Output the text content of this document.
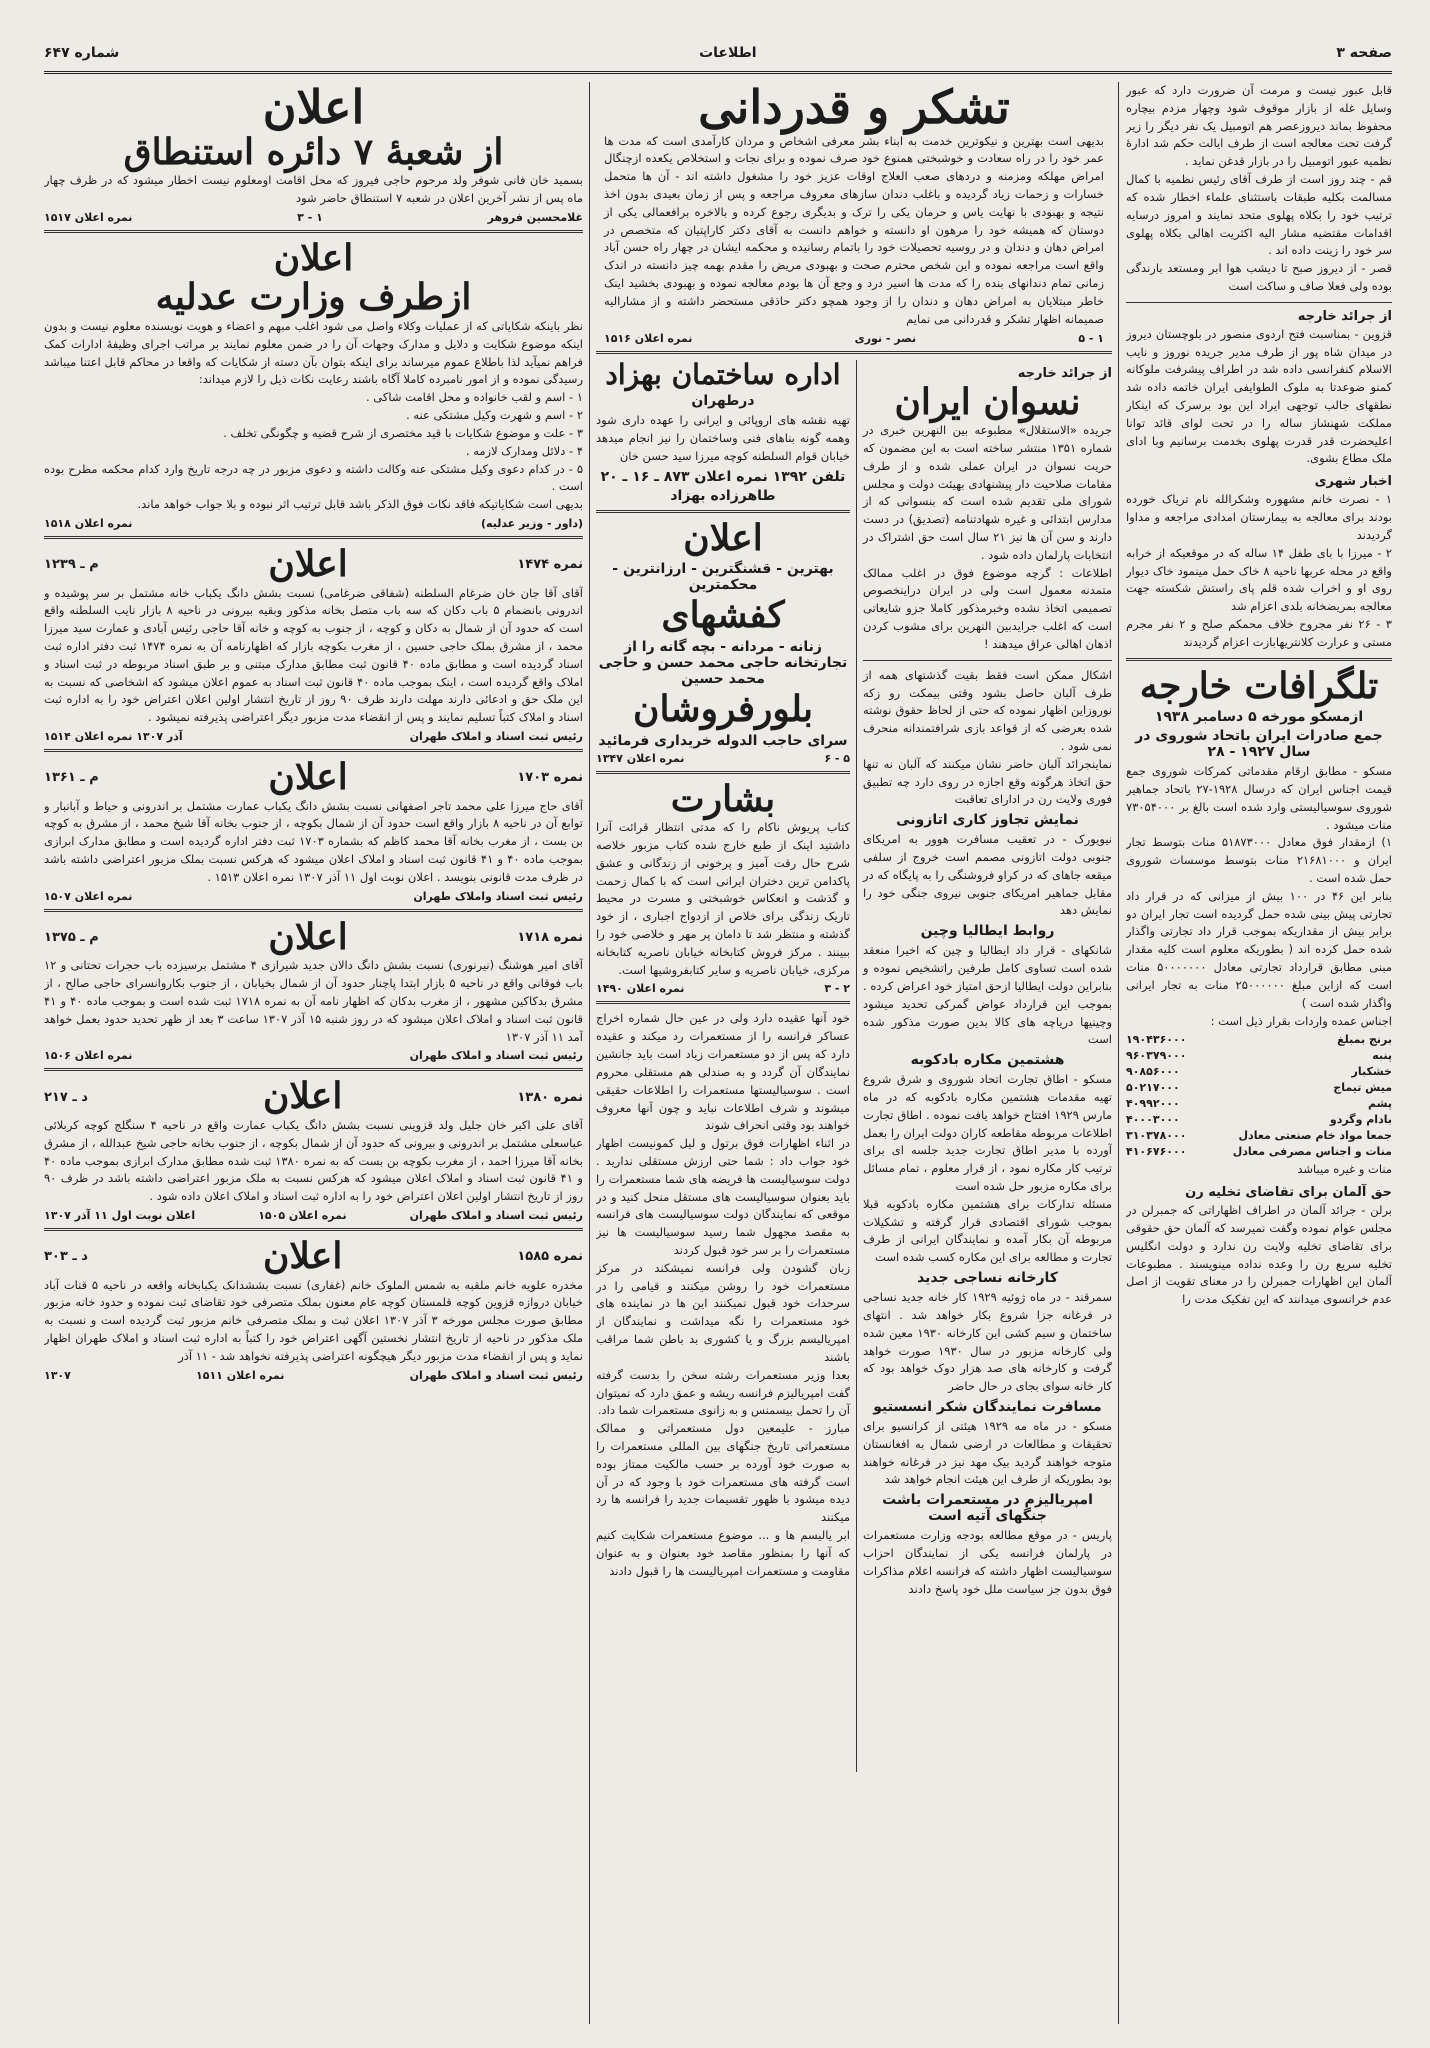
صفحه ۳
اطلاعات
شماره ۶۴۷
قابل عبور نیست و مرمت آن ضرورت دارد که عبور وسایل غله از بازار موقوف شود وچهار مزدم بیچاره محفوظ بماند دیروزعصر هم اتومبیل یک نفر دیگر را زیر گرفت تحت معالجه است از طرف ایالت حکم شد ادارهٔ نظمیه عبور اتومبیل را در بازار قدغن نماید .
قم - چند روز است از طرف آقای رئیس نظمیه با کمال مسالمت بکلیه طبقات باستثنای علماء اخطار شده که ترتیب خود را بکلاه پهلوی متحد نمایند و امروز درسایه اقدامات مقتضیه مشار الیه اکثریت اهالی بکلاه پهلوی سر خود را زینت داده اند .
قصر - از دیروز صبح تا دیشب هوا ابر ومستعد بارندگی بوده ولی فعلا صاف و ساکت است
از جرائد خارجه
قزوین - بمناسبت فتح اردوی منصور در بلوچستان دیروز در میدان شاه پور از طرف مدیر جریده نوروز و نایب الاسلام کنفرانسی داده شد در اطراف پیشرفت ملوکانه کمنو ضوعدتا به ملوک الطوایفی ایران خاتمه داده شد نطقهای جالب توجهی ایراد این بود برسرک که اینکار مملکت شهنشاز ساله را در تحت لوای قائد توانا اعلیحضرت قدر قدرت پهلوی بخدمت برسانیم وبا ادای ملک مطاع بشوی.
اخبار شهری
۱ - نصرت خانم مشهوره وشکرالله نام تریاک خورده بودند برای معالجه به بیمارستان امدادی مراجعه و مداوا گردیدند
۲ - میرزا با بای طفل ۱۴ ساله که در موقعیکه از خرابه واقع در محله عربها ناحیه ۸ خاک حمل مینمود خاک دیوار روی او و اخراب شده قلم پای راستش شکسته جهت معالجه بمریضخانه بلدی اعزام شد
۳ - ۲۶ نفر مجروح خلاف محمکم صلح و ۲ نفر مجرم مستی و عرارت کلانتریهابازت اعزام گردیدند
تلگرافات خارجه
ازمسکو مورخه ۵ دسامبر ۱۹۳۸
جمع صادرات ایران باتحاد شوروی در سال ۱۹۲۷ - ۲۸
مسکو - مطابق ارقام مقدماتی کمرکات شوروی جمع قیمت اجناس ایران که درسال ۱۹۲۸-۲۷ باتحاد جماهیر شوروی سوسیالیستی وارد شده است بالغ بر ۷۳۰۵۴۰۰۰ منات میشود .
۱) ازمقدار فوق معادل ۵۱۸۷۳۰۰۰ منات بتوسط تجار ایران و ۲۱۶۸۱۰۰۰ منات بتوسط موسسات شوروی حمل شده است .
بنابر این ۴۶ در ۱۰۰ بیش از میزانی که در قرار داد تجارتی پیش بینی شده حمل گردیده است تجار ایران دو برابر بیش از مقداریکه بموجب قرار داد تجارتی واگذار شده حمل کرده اند ( بطوریکه معلوم است کلیه مقدار مبنی مطابق قرارداد تجارتی معادل ۵۰۰۰۰۰۰۰ منات است که ازاین مبلغ ۲۵۰۰۰۰۰۰ منات به تجار ایرانی واگذار شده است )
اجناس عمده واردات بقرار ذیل است :
برنج بمبلغ
۱۹۰۴۳۶۰۰۰
پنبه
۹۶۰۳۷۹۰۰۰
خشکبار
۹۰۸۵۶۰۰۰
میش تیماج
۵۰۲۱۷۰۰۰
پشم
۴۰۹۹۲۰۰۰
بادام وگردو
۴۰۰۰۳۰۰۰
جمعا مواد خام صنعتی معادل
۳۱۰۳۷۸۰۰۰
منات و اجناس مصرفی معادل
۴۱۰۶۷۶۰۰۰
منات و غیره میباشد
حق آلمان برای تقاضای تخلیه رن
برلن - جرائد آلمان در اطراف اظهاراتی که جمبرلن در مجلس عوام نموده وگفت نمیرسد که آلمان حق حقوقی برای تقاضای تخلیه ولایت رن ندارد و دولت انگلیس تخلیه سریع رن را وعده نداده مینویسند . مطبوعات آلمان این اظهارات جمبرلن را در معنای تقویت از اصل عدم خرانسوی میدانند که این تفکیک مدت را
تشکر و قدردانی
بدیهی است بهترین و نیکوترین خدمت به ابناء بشر معرفی اشخاص و مردان کارآمدی است که مدت ها عمر خود را در راه سعادت و خوشبختی همنوع خود صرف نموده و برای نجات و استخلاص یکعده ازچنگال امراض مهلکه ومزمنه و دردهای صعب العلاج اوقات عزیز خود را مشغول داشته اند - آن ها متحمل خسارات و زحمات زیاد گردیده و باغلب دندان سازهای معروف مراجعه و پس از زمان بعیدی بدون اخذ نتیجه و بهبودی با نهایت یاس و حرمان یکی را ترک و بدیگری رجوع کرده و بالاخره برافعمالی یکی از دوستان که همیشه خود را مرهون او دانسته و خواهم دانست به آقای دکتر کاراپتیان که متخصص در امراض دهان و دندان و در روسیه تحصیلات خود را باتمام رسانیده و محکمه ایشان در چهار راه حسن آباد واقع است مراجعه نموده و این شخص محترم صحت و بهبودی مریض را مقدم بهمه چیز دانسته در اندک زمانی تمام دندانهای بنده را که مدت ها اسیر درد و وجع آن ها بودم معالجه نموده و بهبودی بخشید اینک خاطر مبتلایان به امراض دهان و دندان را از وجود همچو دکتر حاذقی مستحضر داشته و از مشارالیه صمیمانه اظهار تشکر و قدردانی می نمایم
۱ - ۵
نصر - نوری
نمره اعلان ۱۵۱۶
از جرائد خارجه
نسوان ایران
جریده «الاستقلال» مطبوعه بین النهرین خبری در شماره ۱۳۵۱ منتشر ساخته است به این مضمون که حریت نسوان در ایران عملی شده و از طرف مقامات صلاحیت دار پیشنهادی بهیئت دولت و مجلس شورای ملی تقدیم شده است که بنسوانی که از مدارس ابتدائی و غیره شهادتنامه (تصدیق) در دست دارند و سن آن ها نیز ۲۱ سال است حق اشتراک در انتخابات پارلمان داده شود .
اطلاعات : گرچه موضوع فوق در اغلب ممالک متمدنه معمول است ولی در ایران دراینخصوص تصمیمی اتخاذ نشده وخبرمذکور کاملا جزو شایعاتی است که اغلب جرایدبین النهرین برای مشوب کردن اذهان اهالی عراق میدهند !
اشکال ممکن است فقط بقیت گذشتهای همه از طرف آلبان حاصل بشود وقتی بیمکت رو زکه نوروزاین اظهار نموده که حتی از لحاظ حقوق نوشته شده بعرضی که از قواعد بازی شرافتمندانه منحرف نمی شود .
نماینجرائد آلبان حاضر نشان میکنند که آلبان نه تنها حق اتخاذ هرگونه وقع اجازه در روی دارد چه تطبیق فوری ولایت رن در ادارای تعاقبت
نمایش تجاوز کاری اتازونی
نیویورک - در تعقیب مسافرت هوور به امریکای جنوبی دولت اتازونی مصمم است خروج از سلفی میقعه جاهای که در کراو فروشنگی را به پایگاه که در مقابل جماهیر امریکای جنوبی نیروی جنگی خود را نمایش دهد
روابط ایطالیا وچین
شانکهای - قرار داد ایطالیا و چین که اخیرا منعقد شده است تساوی کامل طرفین راتشخیص نموده و بنابراین دولت ایطالیا ازحق امتیاز خود اعراض کرده . بموجب این قرارداد عواض گمرکی تحدید میشود وچینیها دریاچه های کالا بدین صورت مذکور شده است
هشتمین مکاره بادکوبه
مسکو - اطاق تجارت اتحاد شوروی و شرق شروع تهیه مقدمات هشتمین مکاره بادکوبه که در ماه مارس ۱۹۲۹ افتتاح خواهد یافت نموده . اطاق تجارت اطلاعات مربوطه مقاطعه کاران دولت ایران را بعمل آورده با مدیر اطاق تجارت جدید جلسه ای برای ترتیب کار مکاره نمود ، از قرار معلوم ، تمام مسائل برای مکاره مزبور حل شده است
مسئله تدارکات برای هشتمین مکاره بادکوبه قبلا بموجب شورای اقتصادی قرار گرفته و تشکیلات مربوطه آن بکار آمده و نمایندگان ایرانی از طرف تجارت و مطالعه برای این مکاره کسب شده است
کارخانه نساجی جدید
سمرقند - در ماه ژوئیه ۱۹۲۹ کار خانه جدید نساجی در فرغانه جزا شروع بکار خواهد شد . انتهای ساختمان و سیم کشی این کارخانه ۱۹۳۰ معین شده ولی کارخانه مزبور در سال ۱۹۳۰ صورت خواهد گرفت و کارخانه های صد هزار دوک خواهد بود که کار خانه سوای بجای در حال حاضر
مسافرت نمایندگان شکر انسستیو
مسکو - در ماه مه ۱۹۲۹ هیئتی از کرانسیو برای تحقیقات و مطالعات در ارضی شمال به افغانستان متوجه خواهند گردید بیک مهد نیز در فرغانه خواهند بود بطوریکه از طرف این هیئت انجام خواهد شد
امپریالیزم در مستعمرات باشت جنگهای آتیه است
پاریس - در موقع مطالعه بودجه وزارت مستعمرات در پارلمان فرانسه یکی از نمایندگان احزاب سوسیالیست اظهار داشته که فرانسه اعلام مذاکرات فوق بدون جز سیاست ملل خود پاسخ دادند
اداره ساختمان بهزاد
درطهران
تهیه نقشه های اروپائی و ایرانی را عهده داری شود وهمه گونه بناهای فنی وساختمان را نیز انجام میدهد خیابان قوام السلطنه کوچه میرزا سید حسن خان
تلفن ۱۳۹۲ نمره اعلان ۸۷۳ ـ ۱۶ ـ ۲۰
طاهرزاده بهزاد
اعلان
بهترین - قشنگترین - ارزانترین - محکمترین
کفشهای
زنانه - مردانه - بچه گانه را از تجارتخانه حاجی محمد حسن و حاجی محمد حسین
بلورفروشان
سرای حاجب الدوله خریداری فرمائید
۵ - ۶
نمره اعلان ۱۳۴۷
بشارت
کتاب پریوش ناکام را که مدتی انتظار قرائت آنرا داشتید اینک از طبع خارج شده کتاب مزبور خلاصه شرح حال رقت آمیز و پرخونی از زندگانی و عشق پاکدامن ترین دختران ایرانی است که با کمال زحمت و گذشت و انعکاس خوشبختی و مسرت در محیط تاریک زندگی برای خلاص از ازدواج اجباری ، از خود گذشته و منتظر شد تا دامان پر مهر و خلاصی خود را ببینند . مرکز فروش کتابخانه خیابان ناصریه کتابخانه مرکزی، خیابان ناصریه و سایر کتابفروشیها است.
۲ - ۳
نمره اعلان ۱۴۹۰
خود آنها عقیده دارد ولی در عین حال شماره اخراج عساکر فرانسه را از مستعمرات رد میکند و عقیده دارد که پس از دو مستعمرات زیاد است باید جانشین نمایندگان آن گردد و به صندلی هم مستقلی محروم است . سوسیالیستها مستعمرات را اطلاعات حقیقی میشوند و شرف اطلاعات نباید و چون آنها معروف خواهند بود وقتی انحراف شوند
در اثناء اظهارات فوق برتول و لیل کمونیست اظهار خود جواب داد : شما حتی ارزش مستقلی ندارید . دولت سوسیالیست ها فریضه های شما مستعمرات را باید بعنوان سوسیالیست های مستقل منحل کنید و در موقعی که نمایندگان دولت سوسیالیست های فرانسه به مقصد مجهول شما رسید سوسیالیست ها نیز مستعمرات را بر سر خود قبول کردند
زبان گشودن ولی فرانسه نمیشکند در مرکز مستعمرات خود را روشن میکنند و قیامی را در سرحدات خود قبول نمیکنند این ها در نماینده های خود مستعمرات را نگه میداشت و نمایندگان از امپریالیسم بزرگ و یا کشوری بد باطن شما مراقب باشند
بعدا وزیر مستعمرات رشته سخن را بدست گرفته گفت امپریالیزم فرانسه ریشه و عمق دارد که نمیتوان آن را تحمل بیسمنس و به زانوی مستعمرات شما داد.
مبارز - علیمعین دول مستعمراتی و ممالک مستعمراتی تاریخ جنگهای بین المللی مستعمرات را به صورت خود آورده بر حسب مالکیت ممتاز بوده است گرفته های مستعمرات خود با وجود که در آن دیده میشود با ظهور تقسیمات جدید را فرانسه ها رد میکنند
ابر یالیسم ها و ... موضوع مستعمرات شکایت کنیم که آنها را بمنظور مقاصد خود بعنوان و به عنوان مقاومت و مستعمرات امپریالیست ها را قبول دادند
اعلان
از شعبهٔ ۷ دائره استنطاق
بسمید خان فانی شوفر ولد مرحوم حاجی فیروز که محل اقامت اومعلوم نیست اخطار میشود که در ظرف چهار ماه پس از نشر آخرین اعلان در شعبه ۷ استنطاق حاضر شود
غلامحسین فروهر
۱ - ۳
نمره اعلان ۱۵۱۷
اعلان
ازطرف وزارت عدلیه
نظر باینکه شکایاتی که از عملیات وکلاء واصل می شود اغلب مبهم و اعضاء و هویت نویسنده معلوم نیست و بدون اینکه موضوع شکایت و دلایل و مدارک وجهات آن را در ضمن معلوم نمایند بر مراتب اجرای وظیفهٔ ادارات کمک فراهم نمیآید لذا باطلاع عموم میرساند برای اینکه بتوان بآن دسته از شکایات که واقعا در محاکم قابل اعتنا میباشد رسیدگی نموده و از امور نامبرده کاملا آگاه باشند رعایت نکات ذیل را لازم میداند:
۱ - اسم و لقب خانواده و محل اقامت شاکی .
۲ - اسم و شهرت وکیل مشتکی عنه .
۳ - علت و موضوع شکایات با قید مختصری از شرح قضیه و چگونگی تخلف .
۴ - دلائل ومدارک لازمه .
۵ - در کدام دعوی وکیل مشتکی عنه وکالت داشته و دعوی مزبور در چه درجه تاریخ وارد کدام محکمه مطرح بوده است .
بدیهی است شکایاتیکه فاقد نکات فوق الذکر باشد قابل ترتیب اثر نبوده و بلا جواب خواهد ماند.
(داور - وزیر عدلیه)
نمره اعلان ۱۵۱۸
نمره ۱۴۷۴
اعلان
م ـ ۱۲۳۹
آقای آقا جان خان ضرغام السلطنه (شفاقی ضرغامی) نسبت بشش دانگ یکباب خانه مشتمل بر سر پوشیده و اندرونی بانضمام ۵ باب دکان که سه باب متصل بخانه مذکور وبقیه بیرونی در ناحیه ۸ بازار نایب السلطنه واقع است که حدود آن از شمال به دکان و کوچه ، از جنوب به کوچه و خانه آقا حاجی رئیس آبادی و عمارت سید میرزا محمد ، از مشرق بملک حاجی حسین ، از مغرب بکوچه بازار که اظهارنامه آن به نمره ۱۴۷۴ ثبت دفتر اداره ثبت اسناد گردیده است و مطابق ماده ۴۰ قانون ثبت مطابق مدارک مبتنی و بر طبق اسناد مربوطه در ثبت اسناد و املاک واقع گردیده است ، اینک بموجب ماده ۴۰ قانون ثبت اسناد به عموم اعلان میشود که اشخاصی که نسبت به این ملک حق و ادعائی دارند مهلت دارند ظرف ۹۰ روز از تاریخ انتشار اولین اعلان اعتراض خود را به اداره ثبت اسناد و املاک کتباً تسلیم نمایند و پس از انقضاء مدت مزبور دیگر اعتراضی پذیرفته نمیشود .
رئیس ثبت اسناد و املاک طهران
آذر ۱۳۰۷ نمره اعلان ۱۵۱۴
نمره ۱۷۰۳
اعلان
م ـ ۱۳۶۱
آقای حاج میرزا علی محمد تاجر اصفهانی نسبت بشش دانگ یکباب عمارت مشتمل بر اندرونی و حیاط و آبانبار و توابع آن در ناحیه ۸ بازار واقع است حدود آن از شمال بکوچه ، از جنوب بخانه آقا شیخ محمد ، از مشرق به کوچه بن بست ، از مغرب بخانه آقا محمد کاظم که بشماره ۱۷۰۳ ثبت دفتر اداره گردیده است و مطابق مدارک ابرازی بموجب ماده ۴۰ و ۴۱ قانون ثبت اسناد و املاک اعلان میشود که هرکس نسبت بملک مزبور اعتراضی داشته باشد در ظرف مدت قانونی بنویسد . اعلان نوبت اول ۱۱ آذر ۱۳۰۷ نمره اعلان ۱۵۱۳ .
رئیس ثبت اسناد واملاک طهران
نمره اعلان ۱۵۰۷
نمره ۱۷۱۸
اعلان
م ـ ۱۳۷۵
آقای امیر هوشنگ (نیرنوری) نسبت بشش دانگ دالان جدید شیرازی ۴ مشتمل برسیزده باب حجرات تحتانی و ۱۲ باب فوقانی واقع در ناحیه ۵ بازار ابتدا پاچنار حدود آن از شمال بخیابان ، از جنوب بکاروانسرای حاجی صالح ، از مشرق بدکاکین مشهور ، از مغرب بدکان که اظهار نامه آن به نمره ۱۷۱۸ ثبت شده است و بموجب ماده ۴۰ و ۴۱ قانون ثبت اسناد و املاک اعلان میشود که در روز شنبه ۱۵ آذر ۱۳۰۷ ساعت ۳ بعد از ظهر تحدید حدود بعمل خواهد آمد ۱۱ آذر ۱۳۰۷
رئیس ثبت اسناد و املاک طهران
نمره اعلان ۱۵۰۶
نمره ۱۳۸۰
اعلان
د ـ ۲۱۷
آقای علی اکبر خان جلیل ولد قزوینی نسبت بشش دانگ یکباب عمارت واقع در ناحیه ۴ سنگلج کوچه کربلائی عباسعلی مشتمل بر اندرونی و بیرونی که حدود آن از شمال بکوچه ، از جنوب بخانه حاجی شیخ عبدالله ، از مشرق بخانه آقا میرزا احمد ، از مغرب بکوچه بن بست که به نمره ۱۳۸۰ ثبت شده مطابق مدارک ابرازی بموجب ماده ۴۰ و ۴۱ قانون ثبت اسناد و املاک اعلان میشود که هرکس نسبت به ملک مزبور اعتراضی داشته باشد در ظرف ۹۰ روز از تاریخ انتشار اولین اعلان اعتراض خود را به اداره ثبت اسناد و املاک اعلان داده شود .
رئیس ثبت اسناد و املاک طهران
نمره اعلان ۱۵۰۵
اعلان نوبت اول ۱۱ آذر ۱۳۰۷
نمره ۱۵۸۵
اعلان
د ـ ۳۰۳
مخدره علویه خانم ملقبه به شمس الملوک خانم (غفاری) نسبت بششدانک یکبابخانه واقعه در ناحیه ۵ قنات آباد خیابان دروازه قزوین کوچه قلمستان کوچه عام معنون بملک متصرفی خود تقاضای ثبت نموده و حدود خانه مزبور مطابق صورت مجلس مورخه ۳ آذر ۱۳۰۷ اعلان ثبت و بملک متصرفی خانم مزبور ثبت گردیده است و نسبت به ملک مذکور در ناحیه از تاریخ انتشار نخستین آگهی اعتراض خود را کتباً به اداره ثبت اسناد و املاک طهران اظهار نماید و پس از انقضاء مدت مزبور دیگر هیچگونه اعتراضی پذیرفته نخواهد شد - ۱۱ آذر
رئیس ثبت اسناد و املاک طهران
نمره اعلان ۱۵۱۱
۱۳۰۷
